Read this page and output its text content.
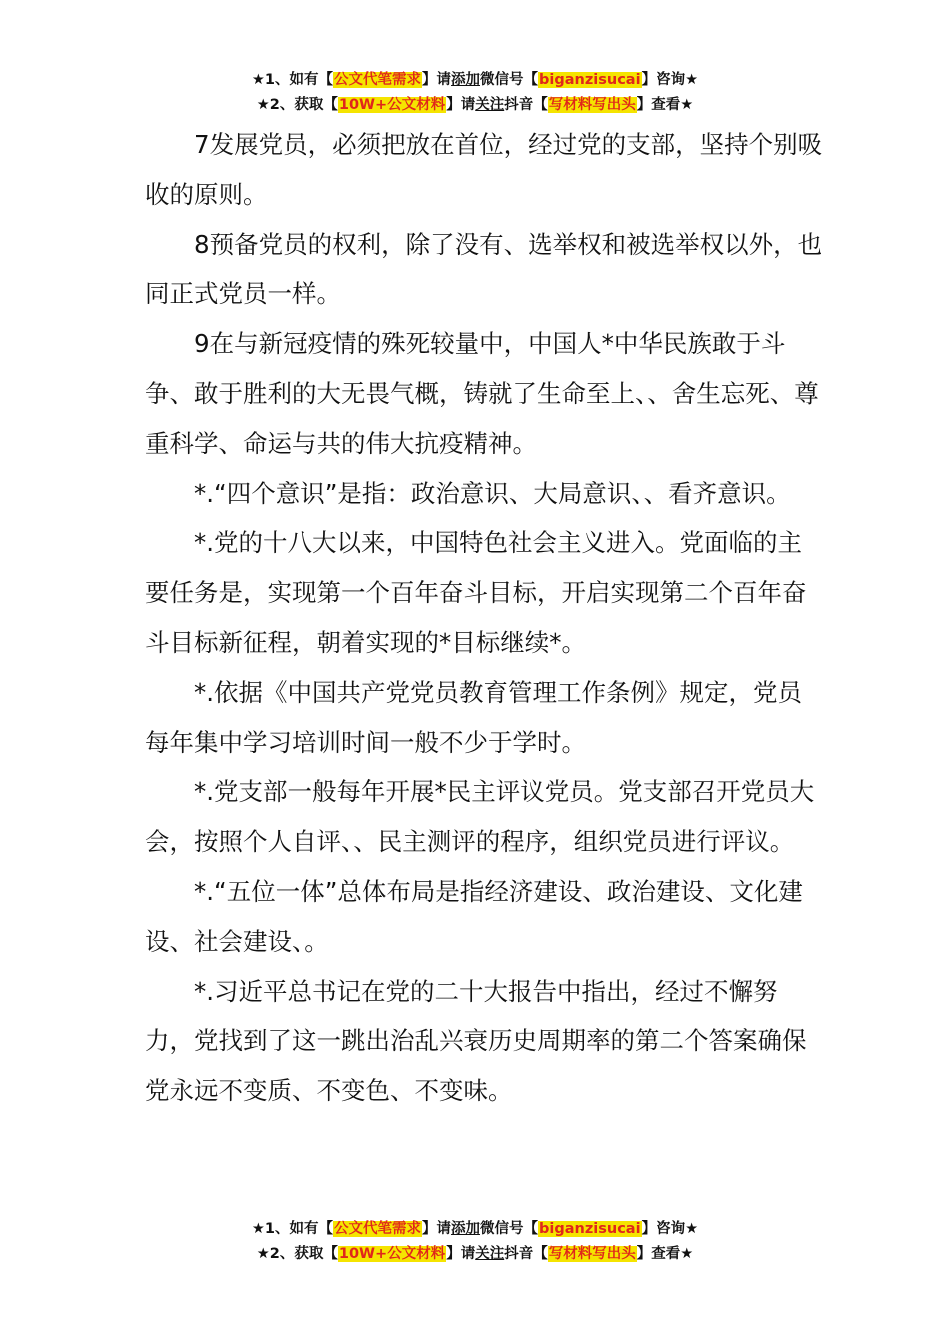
★1、如有【公文代笔需求】请添加微信号【biganzisucai】咨询★
★2、获取【10W+公文材料】请关注抖音【写材料写出头】查看★

7发展党员，必须把放在首位，经过党的支部，坚持个别吸收的原则。

8预备党员的权利，除了没有、选举权和被选举权以外，也同正式党员一样。

9在与新冠疫情的殊死较量中，中国人*中华民族敢于斗争、敢于胜利的大无畏气概，铸就了生命至上、、舍生忘死、尊重科学、命运与共的伟大抗疫精神。

*.“四个意识”是指：政治意识、大局意识、、看齐意识。

*.党的十八大以来，中国特色社会主义进入。党面临的主要任务是，实现第一个百年奋斗目标，开启实现第二个百年奋斗目标新征程，朝着实现的*目标继续*。

*.依据《中国共产党党员教育管理工作条例》规定，党员每年集中学习培训时间一般不少于学时。

*.党支部一般每年开展*民主评议党员。党支部召开党员大会，按照个人自评、、民主测评的程序，组织党员进行评议。

*.“五位一体”总体布局是指经济建设、政治建设、文化建设、社会建设、。

*.习近平总书记在党的二十大报告中指出，经过不懈努力，党找到了这一跳出治乱兴衰历史周期率的第二个答案确保党永远不变质、不变色、不变味。

★1、如有【公文代笔需求】请添加微信号【biganzisucai】咨询★
★2、获取【10W+公文材料】请关注抖音【写材料写出头】查看★
